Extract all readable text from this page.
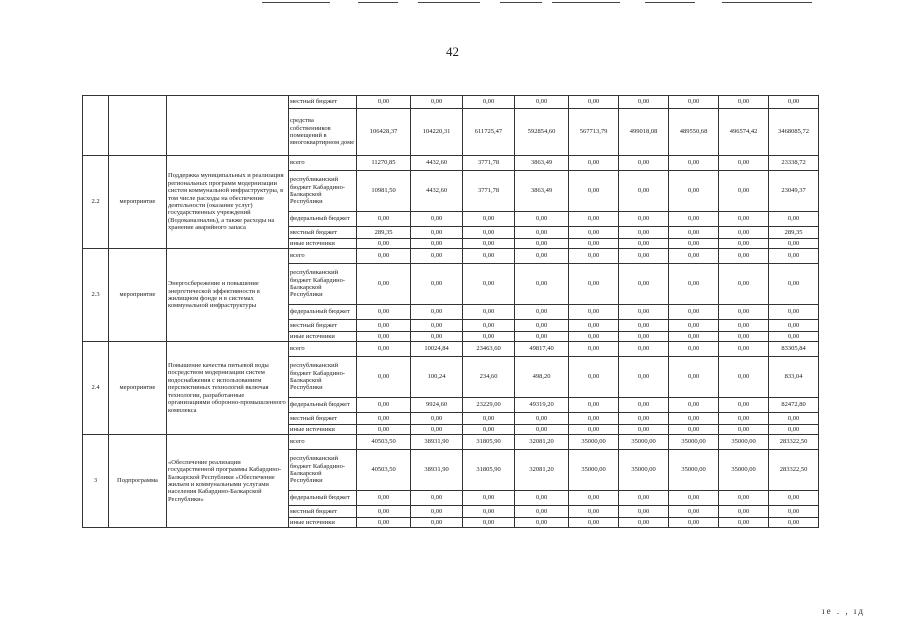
42
			местный бюджет	0,00	0,00	0,00	0,00	0,00	0,00	0,00	0,00	0,00
			средства собственников помещений в многоквартирном доме	106428,37	104220,31	611725,47	592854,60	567713,79	499018,08	489550,68	496574,42	3468085,72
2.2	мероприятие	Поддержка муниципальных и реализация региональных программ модернизации систем коммунальной инфраструктуры, в том числе расходы на обеспечение деятельности (оказание услуг) государственных учреждений (Водоканалналнь), а также расходы на хранение аварийного запаса	всего	11270,85	4432,60	3771,78	3863,49	0,00	0,00	0,00	0,00	23338,72
			республиканский бюджет Кабардино-Балкарской Республики	10981,50	4432,60	3771,78	3863,49	0,00	0,00	0,00	0,00	23049,37
			федеральный бюджет	0,00	0,00	0,00	0,00	0,00	0,00	0,00	0,00	0,00
			местный бюджет	289,35	0,00	0,00	0,00	0,00	0,00	0,00	0,00	289,35
			иные источники	0,00	0,00	0,00	0,00	0,00	0,00	0,00	0,00	0,00
2.3	мероприятие	Энергосбережение и повышение энергетической эффективности в жилищном фонде и в системах коммунальной инфраструктуры	всего	0,00	0,00	0,00	0,00	0,00	0,00	0,00	0,00	0,00
			республиканский бюджет Кабардино-Балкарской Республики	0,00	0,00	0,00	0,00	0,00	0,00	0,00	0,00	0,00
			федеральный бюджет	0,00	0,00	0,00	0,00	0,00	0,00	0,00	0,00	0,00
			местный бюджет	0,00	0,00	0,00	0,00	0,00	0,00	0,00	0,00	0,00
			иные источники	0,00	0,00	0,00	0,00	0,00	0,00	0,00	0,00	0,00
2.4	мероприятие	Повышение качества питьевой воды посредством модернизации систем водоснабжения с использованием перспективных технологий включая технологии, разработанные организациями оборонно-промышленного комплекса	всего	0,00	10024,84	23463,60	49817,40	0,00	0,00	0,00	0,00	83305,84
			республиканский бюджет Кабардино-Балкарской Республики	0,00	100,24	234,60	498,20	0,00	0,00	0,00	0,00	833,04
			федеральный бюджет	0,00	9924,60	23229,00	49319,20	0,00	0,00	0,00	0,00	82472,80
			местный бюджет	0,00	0,00	0,00	0,00	0,00	0,00	0,00	0,00	0,00
			иные источники	0,00	0,00	0,00	0,00	0,00	0,00	0,00	0,00	0,00
3	Подпрограмма	«Обеспечение реализации государственной программы Кабардино-Балкарской Республики «Обеспечение жильем и коммунальными услугами населения Кабардино-Балкарской Республики»	всего	40503,50	38931,90	31805,90	32081,20	35000,00	35000,00	35000,00	35000,00	283322,50
			республиканский бюджет Кабардино-Балкарской Республики	40503,50	38931,90	31805,90	32081,20	35000,00	35000,00	35000,00	35000,00	283322,50
			федеральный бюджет	0,00	0,00	0,00	0,00	0,00	0,00	0,00	0,00	0,00
			местный бюджет	0,00	0,00	0,00	0,00	0,00	0,00	0,00	0,00	0,00
			иные источники	0,00	0,00	0,00	0,00	0,00	0,00	0,00	0,00	0,00
ıе . , ıд
